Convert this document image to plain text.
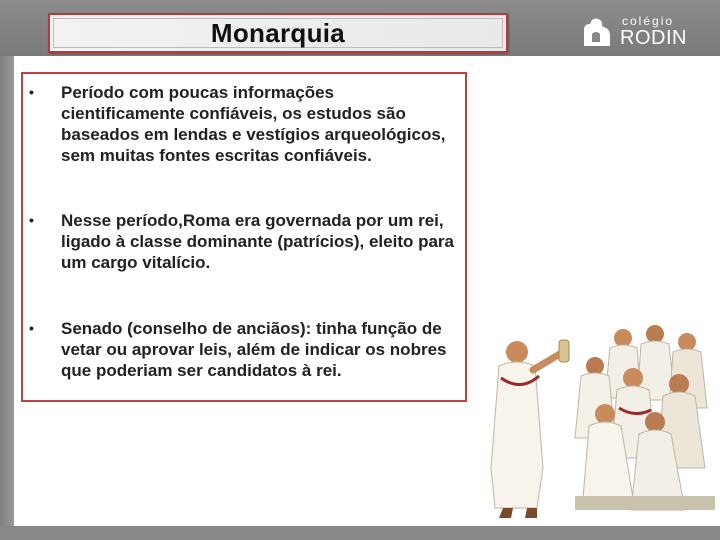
Monarquia	colégio
RODIN
• Período com poucas informações cientificamente confiáveis, os estudos são baseados em lendas e vestígios arqueológicos, sem muitas fontes escritas confiáveis.
• Nesse período,Roma era governada por um rei, ligado à classe dominante (patrícios), eleito para um cargo vitalício.
• Senado (conselho de anciãos): tinha função de vetar ou aprovar leis, além de indicar os nobres que poderiam ser candidatos à rei.
